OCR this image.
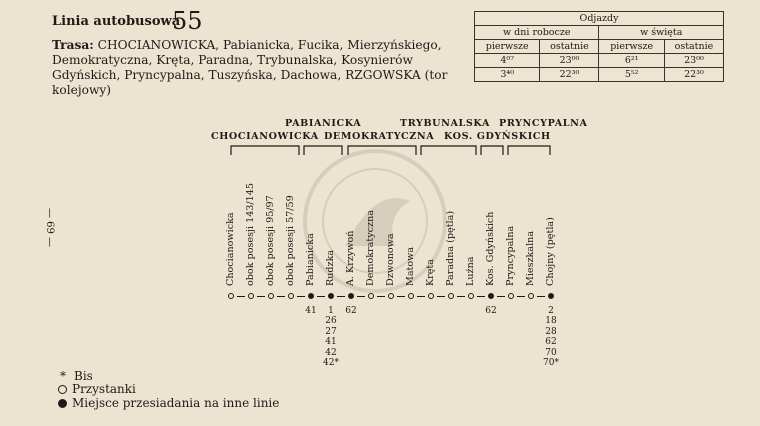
Linia autobusowa
55
Trasa: CHOCIANOWICKA, Pabianicka, Fucika, Mierzyńskiego, Demokratyczna, Kręta, Paradna, Trybunalska, Kosynierów Gdyńskich, Pryncypalna, Tuszyńska, Dachowa, RZGOWSKA (tor kolejowy)
— 69 —
Odjazdy			
w dni robocze		w święta	
pierwsze	ostatnie	pierwsze	ostatnie
4⁰⁷	23⁰⁰	6²¹	23⁰⁰
3⁴⁰	22³⁰	5⁵²	22³⁰
PABIANICKA	TRYBUNALSKA PRYNCYPALNA
CHOCIANOWICKA DEMOKRATYCZNA KOS. GDYŃSKICH
Chocianowicka obok posesji 143/145 obok posesji 95/97 obok posesji 57/59 Pabianicka
41
Rudzka
1
26
27
41
42
42*
A. Krzywoń
62
Demokratyczna Dzwonowa Matowa Kręta Paradna (pętla) Luźna Kos. Gdyńskich
62
Pryncypalna Mieszkalna Chojny (pętla)
2
18
28
62
70
70*
* Bis
Przystanki
Miejsce przesiadania na inne linie
